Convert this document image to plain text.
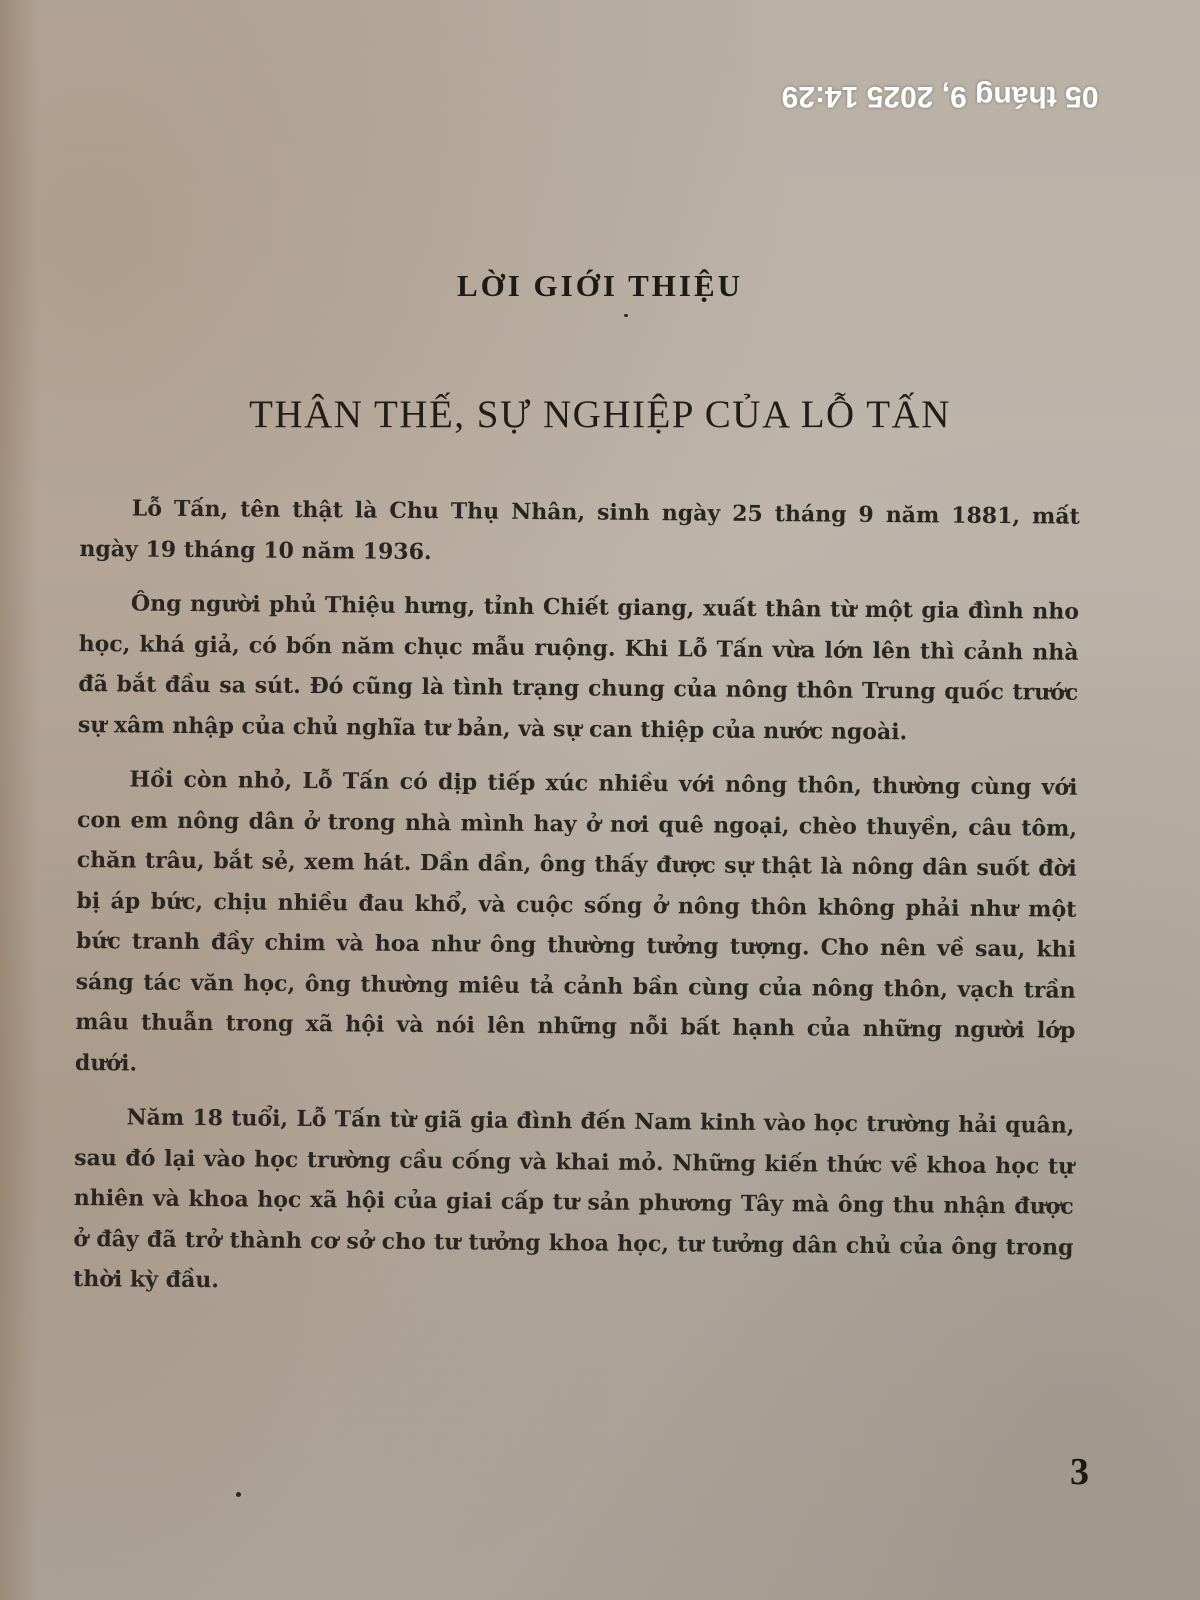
05 tháng 9, 2025 14:29
LỜI GIỚI THIỆU
THÂN THẾ, SỰ NGHIỆP CỦA LỖ TẤN

Lỗ Tấn, tên thật là Chu Thụ Nhân, sinh ngày 25 tháng 9 năm 1881, mất ngày 19 tháng 10 năm 1936.

Ông người phủ Thiệu hưng, tỉnh Chiết giang, xuất thân từ một gia đình nho học, khá giả, có bốn năm chục mẫu ruộng. Khi Lỗ Tấn vừa lớn lên thì cảnh nhà đã bắt đầu sa sút. Đó cũng là tình trạng chung của nông thôn Trung quốc trước sự xâm nhập của chủ nghĩa tư bản, và sự can thiệp của nước ngoài.

Hồi còn nhỏ, Lỗ Tấn có dịp tiếp xúc nhiều với nông thôn, thường cùng với con em nông dân ở trong nhà mình hay ở nơi quê ngoại, chèo thuyền, câu tôm, chăn trâu, bắt sẻ, xem hát. Dần dần, ông thấy được sự thật là nông dân suốt đời bị áp bức, chịu nhiều đau khổ, và cuộc sống ở nông thôn không phải như một bức tranh đầy chim và hoa như ông thường tưởng tượng. Cho nên về sau, khi sáng tác văn học, ông thường miêu tả cảnh bần cùng của nông thôn, vạch trần mâu thuẫn trong xã hội và nói lên những nỗi bất hạnh của những người lớp dưới.

Năm 18 tuổi, Lỗ Tấn từ giã gia đình đến Nam kinh vào học trường hải quân, sau đó lại vào học trường cầu cống và khai mỏ. Những kiến thức về khoa học tự nhiên và khoa học xã hội của giai cấp tư sản phương Tây mà ông thu nhận được ở đây đã trở thành cơ sở cho tư tưởng khoa học, tư tưởng dân chủ của ông trong thời kỳ đầu.

3
